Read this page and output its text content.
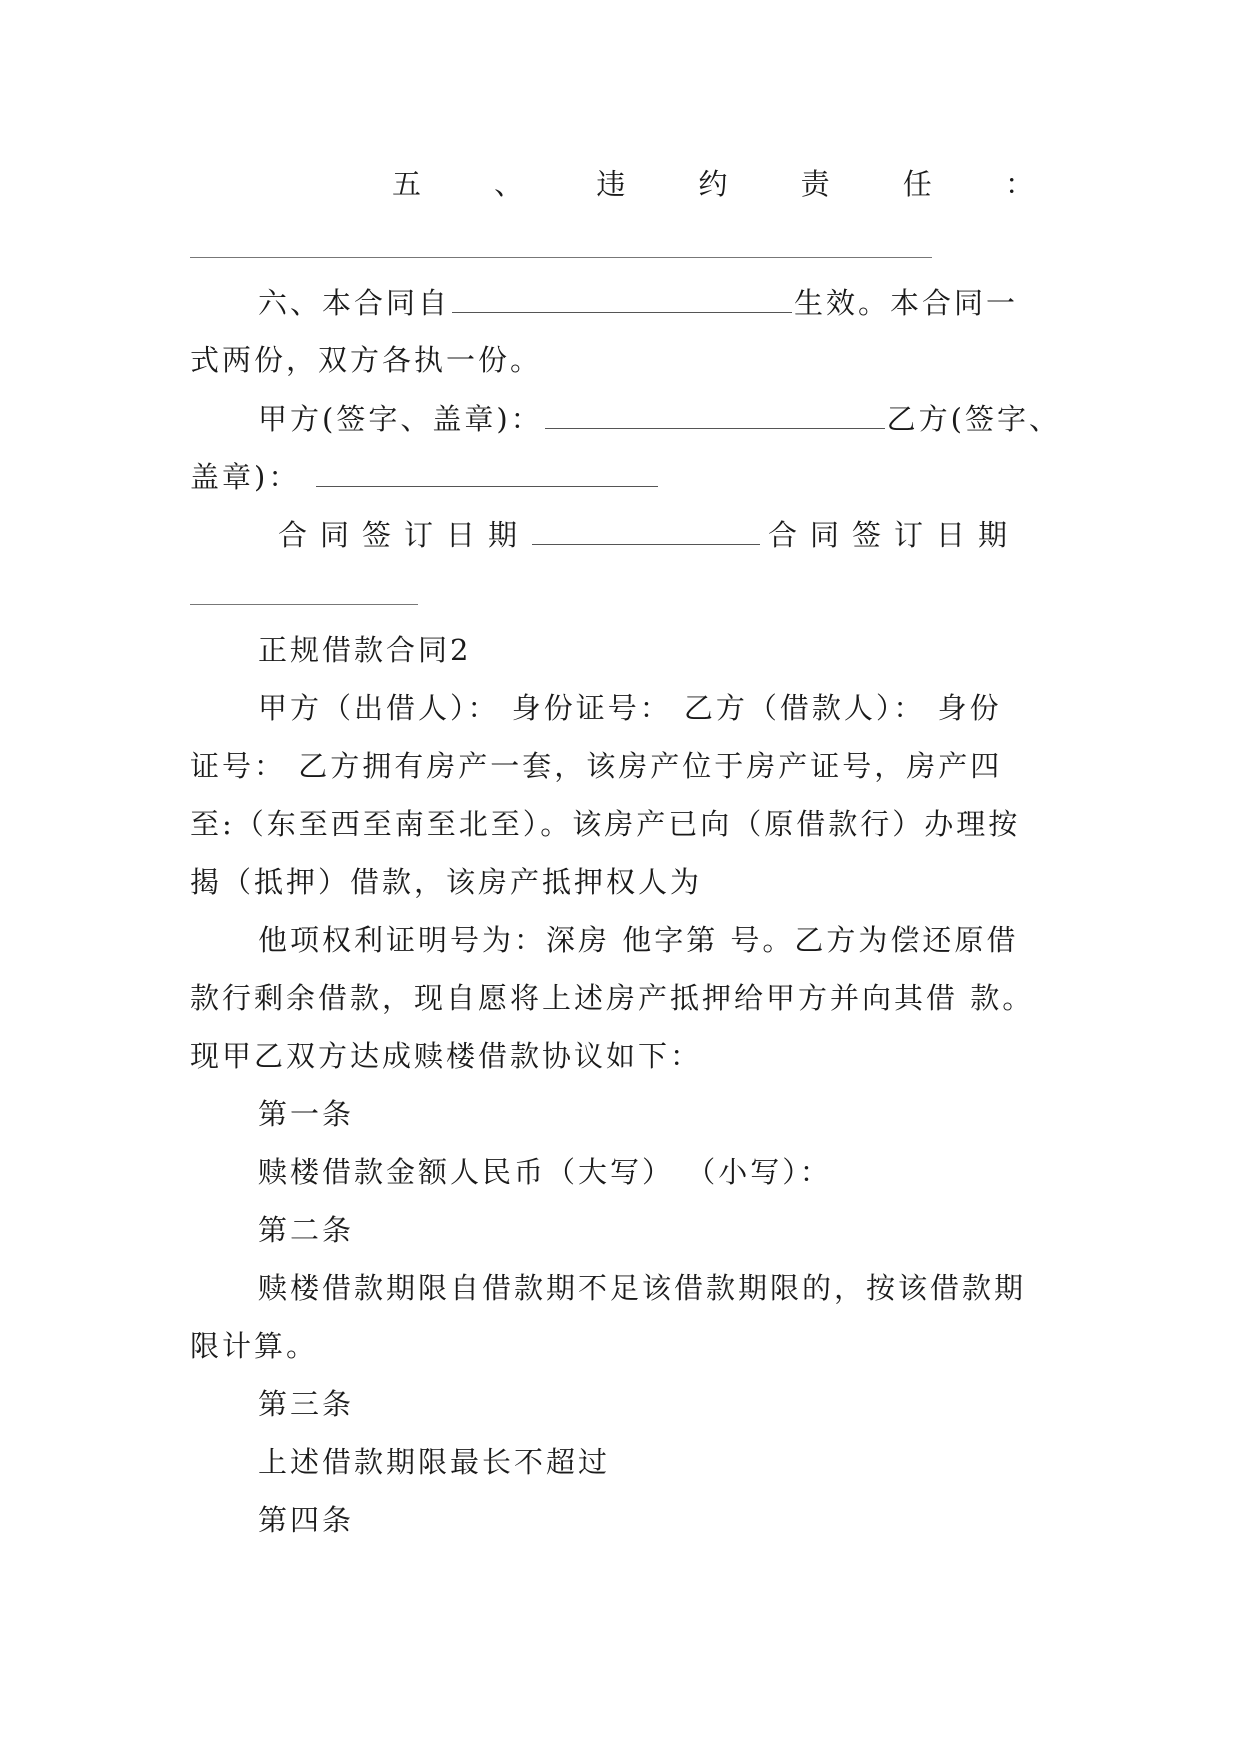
五 、 违 约 责 任 ：
六、本合同自	生效。本合同一
式两份，双方各执一份。
甲方(签字、盖章)：	乙方(签字、
盖章)：
合同签订日期	合同签订日期
正规借款合同2
甲方（出借人）： 身份证号： 乙方（借款人）： 身份
证号： 乙方拥有房产一套，该房产位于房产证号，房产四
至:（东至西至南至北至）。该房产已向（原借款行）办理按
揭（抵押）借款，该房产抵押权人为
他项权利证明号为：深房 他字第 号。乙方为偿还原借
款行剩余借款，现自愿将上述房产抵押给甲方并向其借 款。
现甲乙双方达成赎楼借款协议如下：
第一条
赎楼借款金额人民币（大写） （小写）：
第二条
赎楼借款期限自借款期不足该借款期限的，按该借款期
限计算。
第三条
上述借款期限最长不超过
第四条
